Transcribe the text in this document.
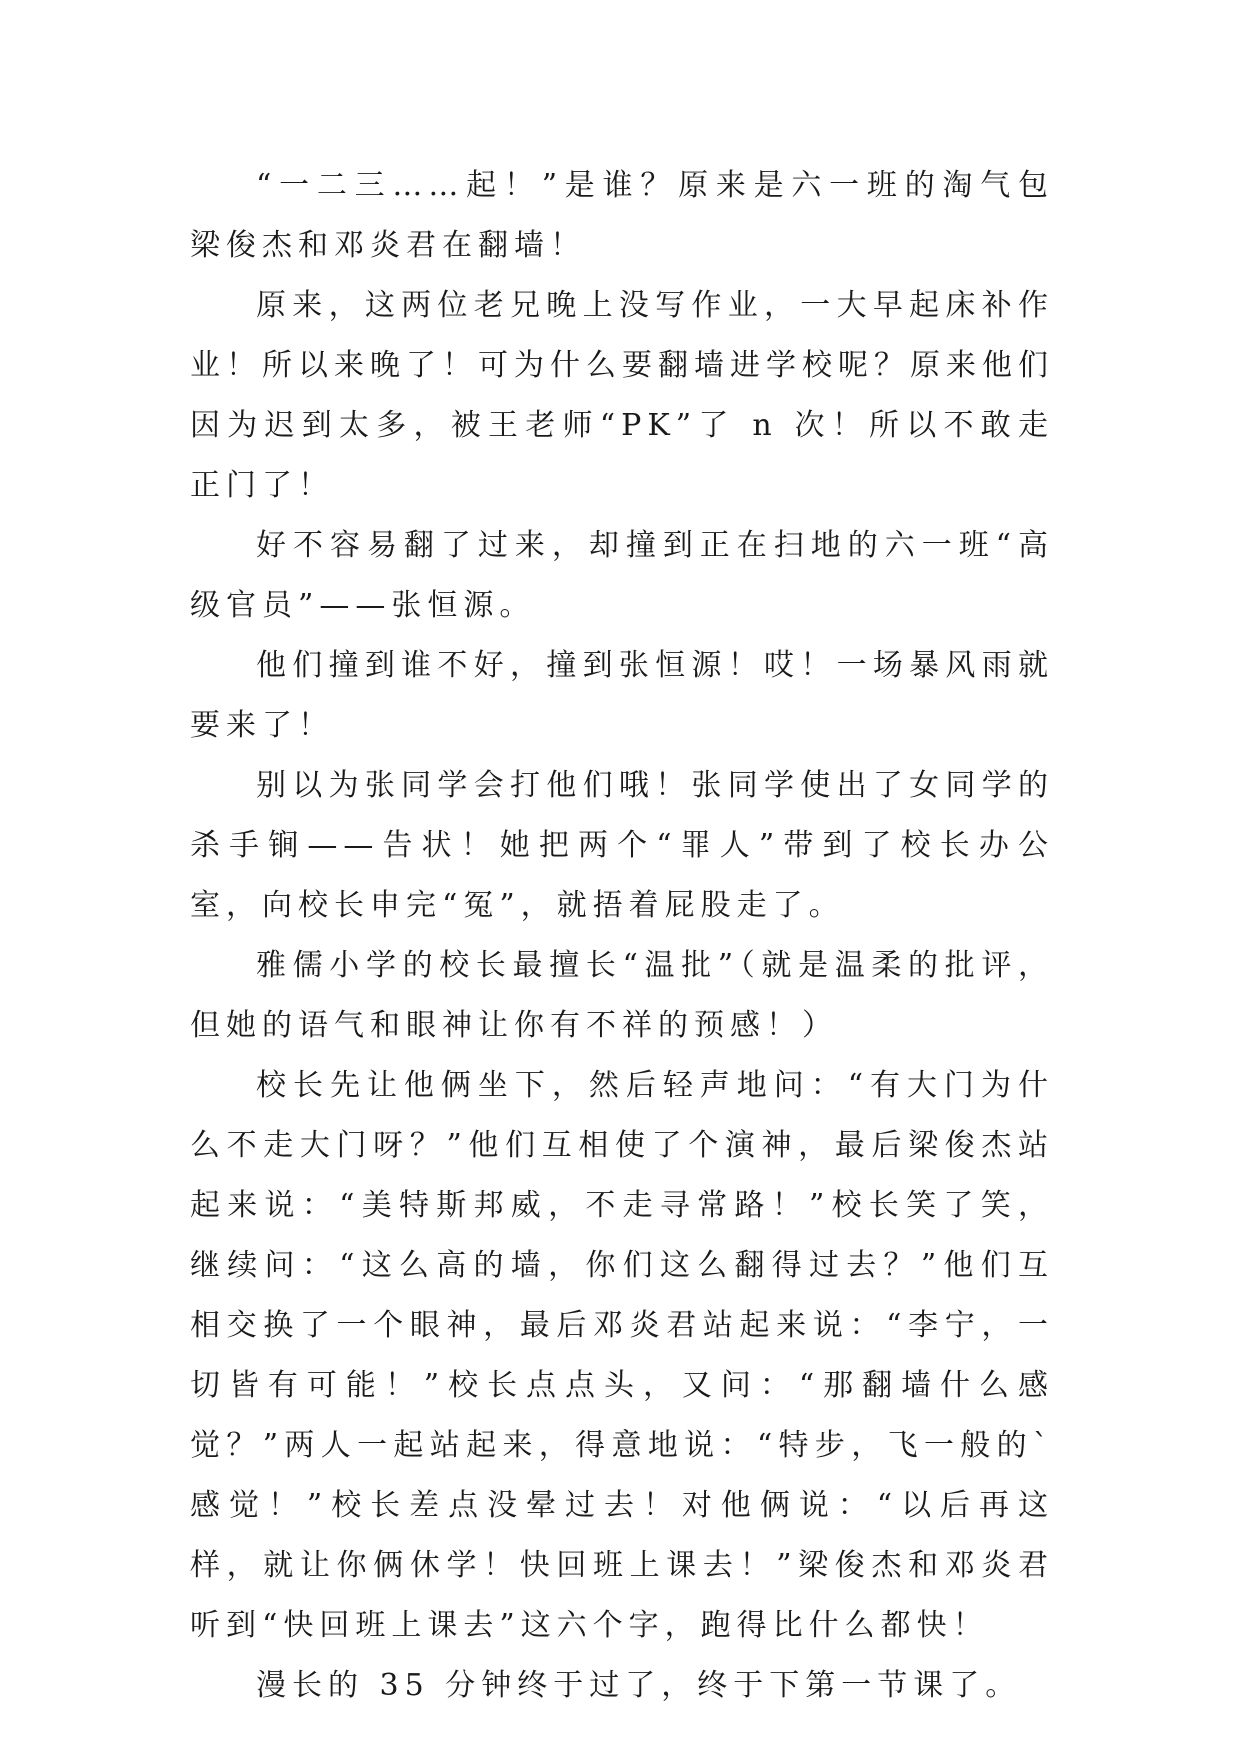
“一二三……起！”是谁？原来是六一班的淘气包梁俊杰和邓炎君在翻墙！

原来，这两位老兄晚上没写作业，一大早起床补作业！所以来晚了！可为什么要翻墙进学校呢？原来他们因为迟到太多，被王老师“PK”了 n 次！所以不敢走正门了！

好不容易翻了过来，却撞到正在扫地的六一班“高级官员”——张恒源。

他们撞到谁不好，撞到张恒源！哎！一场暴风雨就要来了！

别以为张同学会打他们哦！张同学使出了女同学的杀手锏——告状！她把两个“罪人”带到了校长办公室，向校长申完“冤”，就捂着屁股走了。

雅儒小学的校长最擅长“温批”（就是温柔的批评，但她的语气和眼神让你有不祥的预感！）

校长先让他俩坐下，然后轻声地问：“有大门为什么不走大门呀？”他们互相使了个演神，最后梁俊杰站起来说：“美特斯邦威，不走寻常路！”校长笑了笑，继续问：“这么高的墙，你们这么翻得过去？”他们互相交换了一个眼神，最后邓炎君站起来说：“李宁，一切皆有可能！”校长点点头，又问：“那翻墙什么感觉？”两人一起站起来，得意地说：“特步，飞一般的`感觉！”校长差点没晕过去！对他俩说：“以后再这样，就让你俩休学！快回班上课去！”梁俊杰和邓炎君听到“快回班上课去”这六个字，跑得比什么都快！

漫长的 35 分钟终于过了，终于下第一节课了。
